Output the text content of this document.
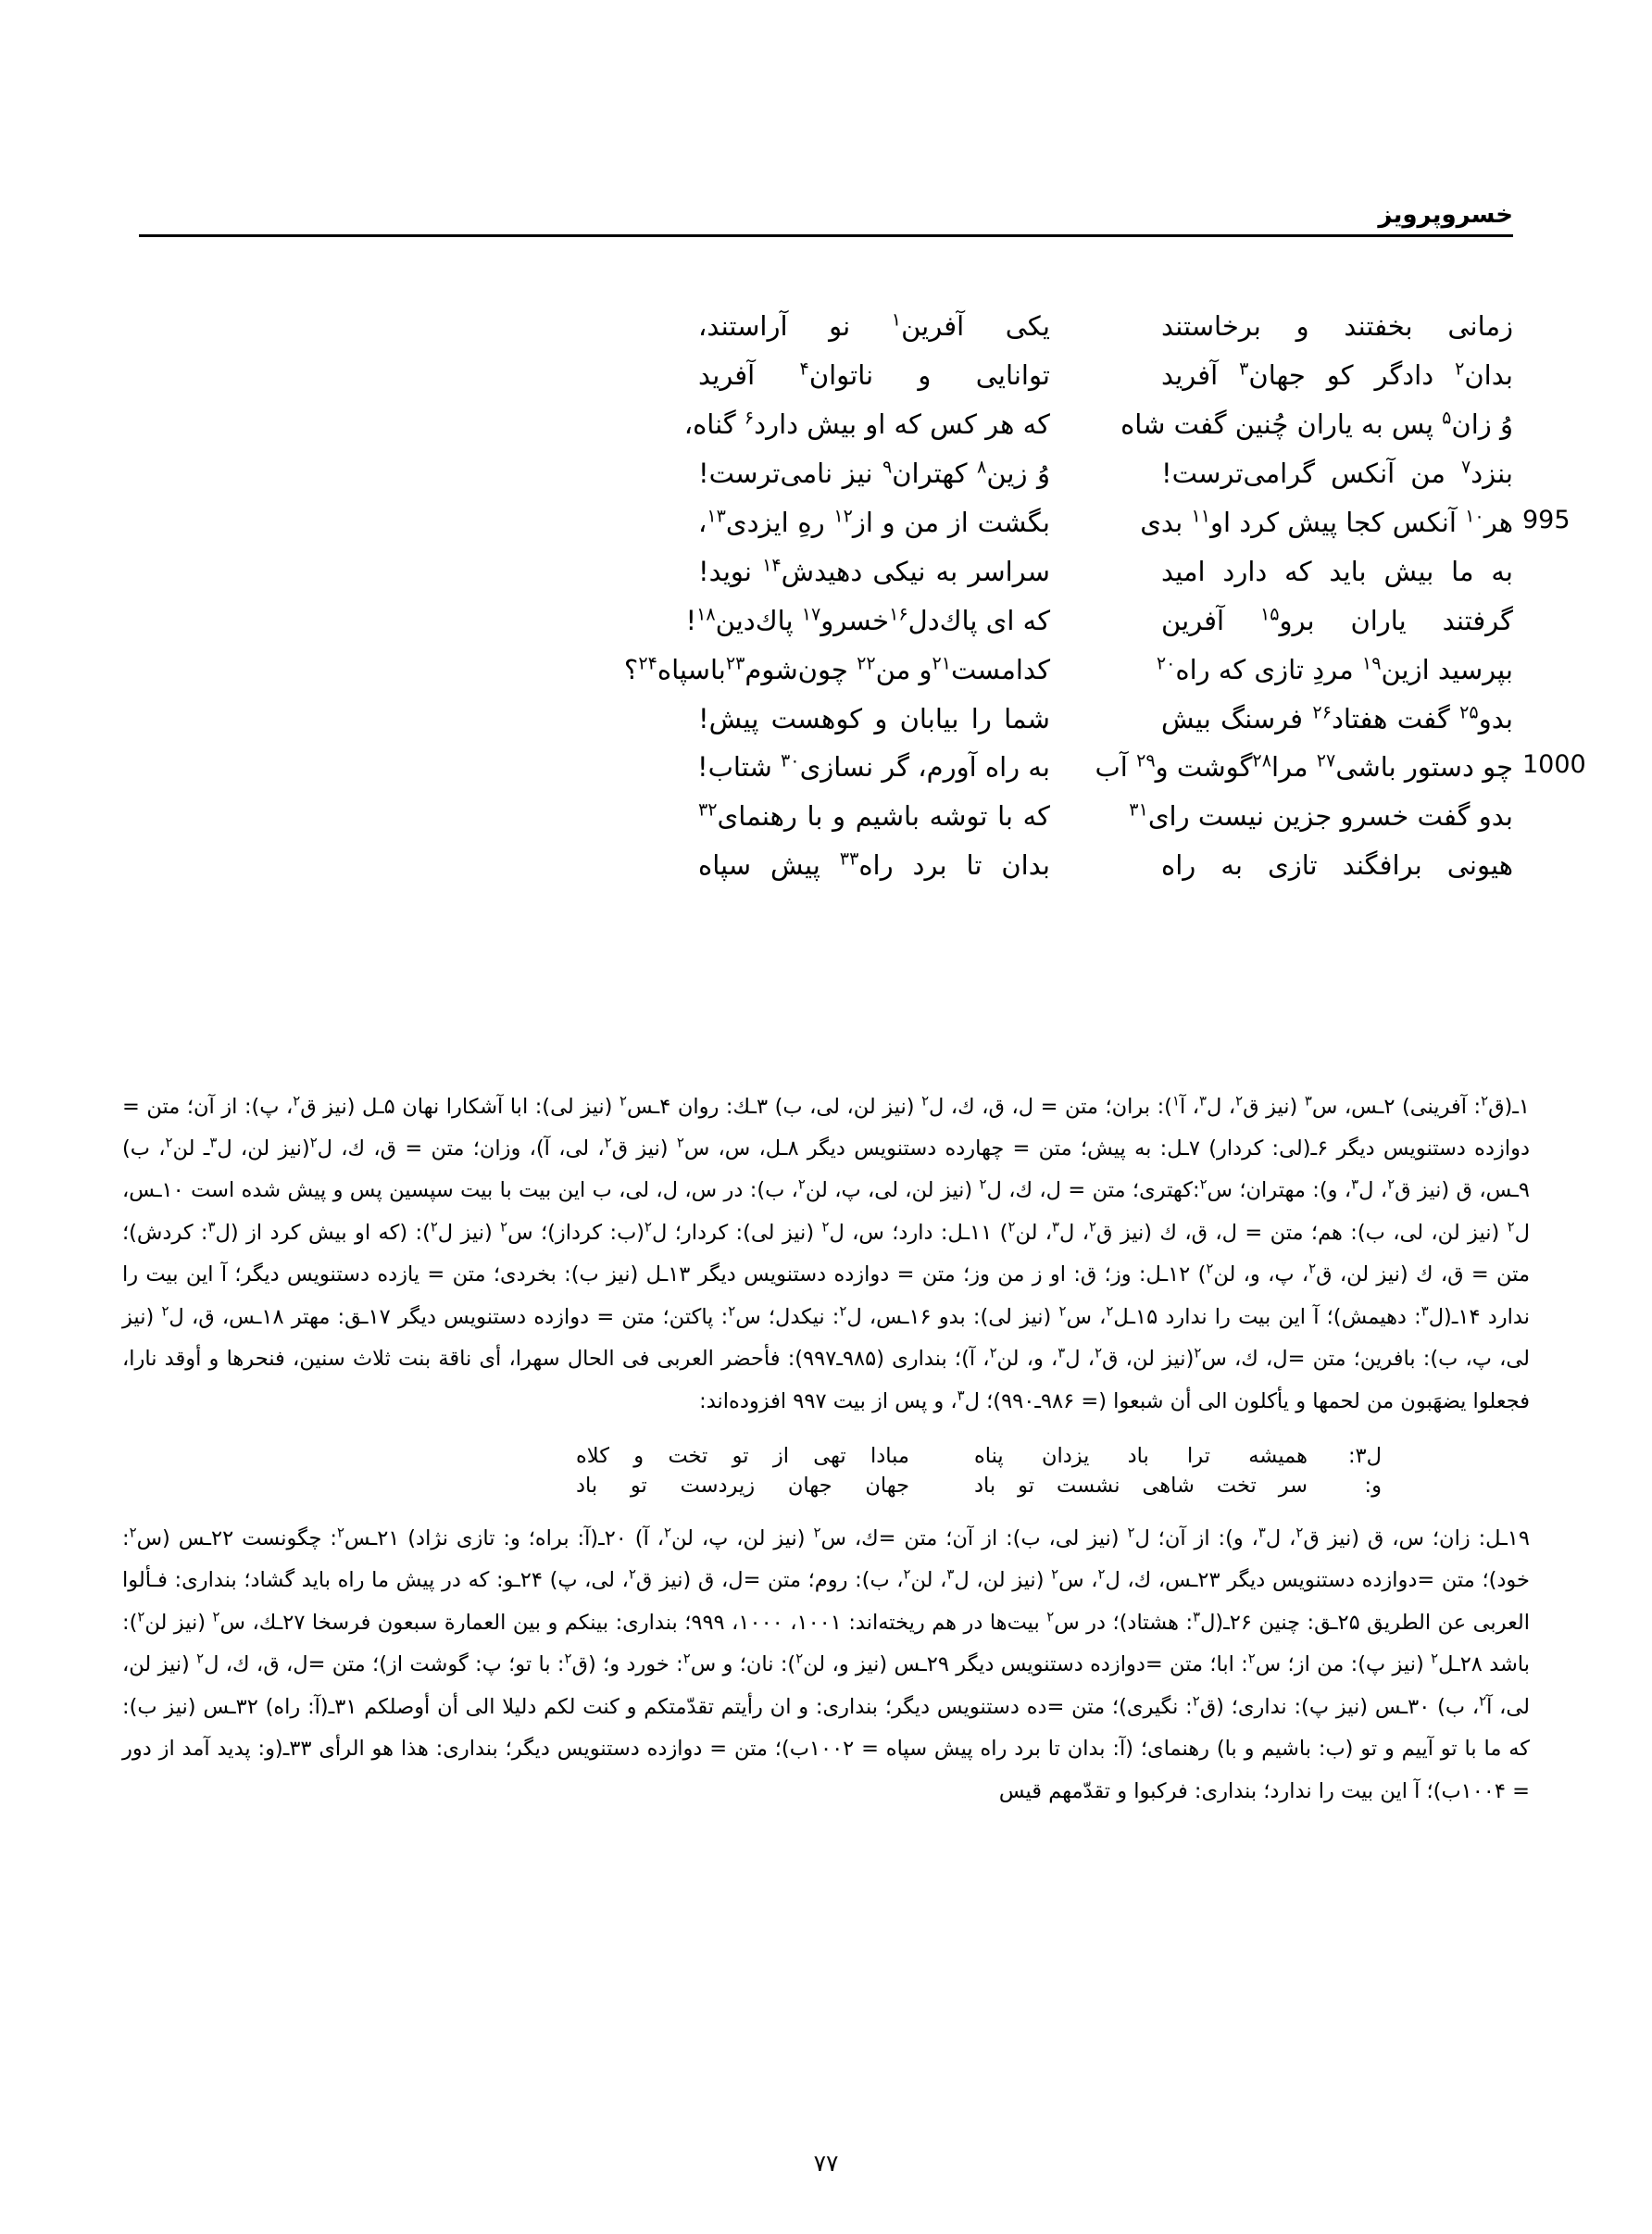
خسروپرويز
زمانى بخفتند و برخاستند
يكى آفرين$^۱$ نو آراستند،
بدان$^۲$ دادگر كو جهان$^۳$ آفريد
توانايى و ناتوان$^۴$ آفريد
وُ زان$^۵$ پس به ياران چُنين گفت شاه
كه هر كس كه او بيش دارد$^۶$ گناه،
بنزد$^۷$ من آنكس گرامى‌ترست!
وُ زين$^۸$ كهتران$^۹$ نيز نامى‌ترست!
995
هر$^{۱۰}$ آنكس كجا پيش كرد او$^{۱۱}$ بدى
بگشت از من و از$^{۱۲}$ رهِ ايزدى$^{۱۳}$،
به ما بيش بايد كه دارد اميد
سراسر به نيكى دهيدش$^{۱۴}$ نويد!
گرفتند ياران برو$^{۱۵}$ آفرين
كه اى پاك‌دل$^{۱۶}$خسرو$^{۱۷}$ پاك‌دين$^{۱۸}$!
بپرسيد ازين$^{۱۹}$ مردِ تازى كه راه$^{۲۰}$
كدامست$^{۲۱}$و من$^{۲۲}$ چون‌شوم$^{۲۳}$باسپاه$^{۲۴}$؟
بدو$^{۲۵}$ گفت هفتاد$^{۲۶}$ فرسنگ بيش
شما را بيابان و كوهست پيش!
1000
چو دستور باشى$^{۲۷}$ مرا$^{۲۸}$گوشت و$^{۲۹}$ آب
به راه آورم، گر نسازى$^{۳۰}$ شتاب!
بدو گفت خسرو جزين نيست راى$^{۳۱}$
كه با توشه باشيم و با رهنماى$^{۳۲}$
هيونى برافگند تازى به راه
بدان تا برد راه$^{۳۳}$ پيش سپاه

۱ـ(ق$^۲$: آفرينى) ۲ـس، س$^۳$ (نيز ق$^۲$، ل$^۳$، آ$^۱$): بران؛ متن = ل، ق، ك، ل$^۲$ (نيز لن، لى، ب) ۳ـك: روان ۴ـس$^۲$ (نيز لى): ابا آشكارا نهان ۵ـل (نيز ق$^۲$، پ): از آن؛ متن = دوازده دستنويس ديگر ۶ـ(لى: كردار) ۷ـل: به پيش؛ متن = چهارده دستنويس ديگر ۸ـل، س، س$^۲$ (نيز ق$^۲$، لى، آ)، وزان؛ متن = ق، ك، ل$^۲$(نيز لن، ل$^۳$ـ لن$^۲$، ب) ۹ـس، ق (نيز ق$^۲$، ل$^۳$، و): مهتران؛ س$^۲$:كهترى؛ متن = ل، ك، ل$^۲$ (نيز لن، لى، پ، لن$^۲$، ب): در س، ل، لى، ب اين بيت با بيت سپسين پس و پيش شده است ۱۰ـس، ل$^۲$ (نيز لن، لى، ب): هم؛ متن = ل، ق، ك (نيز ق$^۲$، ل$^۳$، لن$^۲$) ۱۱ـل: دارد؛ س، ل$^۲$ (نيز لى): كردار؛ ل$^۲$(ب: كرداز)؛ س$^۲$ (نيز ل$^۲$): (كه او بيش كرد از (ل$^۳$: كردش)؛ متن = ق، ك (نيز لن، ق$^۲$، پ، و، لن$^۲$) ۱۲ـل: وز؛ ق: او ز من وز؛ متن = دوازده دستنويس ديگر ۱۳ـل (نيز ب): بخردى؛ متن = يازده دستنويس ديگر؛ آ اين بيت را ندارد ۱۴ـ(ل$^۳$: دهيمش)؛ آ اين بيت را ندارد ۱۵ـل$^۲$، س$^۲$ (نيز لى): بدو ۱۶ـس، ل$^۲$: نيكدل؛ س$^۲$: پاكتن؛ متن = دوازده دستنويس ديگر ۱۷ـق: مهتر ۱۸ـس، ق، ل$^۲$ (نيز لى، پ، ب): بافرين؛ متن =ل، ك، س$^۲$(نيز لن، ق$^۲$، ل$^۳$، و، لن$^۲$، آ)؛ بندارى (۹۸۵ـ۹۹۷): فأحضر العربى فى الحال سهرا، أى ناقة بنت ثلاث سنين، فنحرها و أوقد نارا، فجعلوا يضهَبون من لحمها و يأكلون الى أن شبعوا (= ۹۸۶ـ۹۹۰)؛ ل$^۳$، و پس از بيت ۹۹۷ افزوده‌اند:

ل۳:
همیشه ترا باد یزدان پناه
مبادا تهى از تو تخت و کلاه
و:
سر تخت شاهى نشست تو باد
جهان جهان زيردست تو باد

۱۹ـل: زان؛ س، ق (نيز ق$^۲$، ل$^۳$، و): از آن؛ ل$^۲$ (نيز لى، ب): از آن؛ متن =ك، س$^۲$ (نيز لن، پ، لن$^۲$، آ) ۲۰ـ(آ: براه؛ و: تازى نژاد) ۲۱ـس$^۲$: چگونست ۲۲ـس (س$^۲$: خود)؛ متن =دوازده دستنويس ديگر ۲۳ـس، ك، ل$^۲$، س$^۲$ (نيز لن، ل$^۳$، لن$^۲$، ب): روم؛ متن =ل، ق (نيز ق$^۲$، لى، پ) ۲۴ـو: كه در پيش ما راه بايد گشاد؛ بندارى: فـألوا العربى عن الطريق ۲۵ـق: چنين ۲۶ـ(ل$^۳$: هشتاد)؛ در س$^۲$ بيت‌ها در هم ريخته‌اند: ۱۰۰۱، ۱۰۰۰، ۹۹۹؛ بندارى: بينكم و بين العمارة سبعون فرسخا ۲۷ـك، س$^۲$ (نيز لن$^۲$): باشد ۲۸ـل$^۲$ (نيز پ): من از؛ س$^۲$: ابا؛ متن =دوازده دستنويس ديگر ۲۹ـس (نيز و، لن$^۲$): نان؛ و س$^۲$: خورد و؛ (ق$^۲$: با تو؛ پ: گوشت از)؛ متن =ل، ق، ك، ل$^۲$ (نيز لن، لى، آ$^۲$، ب) ۳۰ـس (نيز پ): ندارى؛ (ق$^۲$: نگيرى)؛ متن =ده دستنويس ديگر؛ بندارى: و ان رأيتم تقدّمتكم و كنت لكم دليلا الى أن أوصلكم ۳۱ـ(آ: راه) ۳۲ـس (نيز ب): كه ما با تو آييم و تو (ب: باشيم و با) رهنماى؛ (آ: بدان تا برد راه پيش سپاه = ۱۰۰۲ب)؛ متن = دوازده دستنويس ديگر؛ بندارى: هذا هو الرأى ۳۳ـ(و: پديد آمد از دور = ۱۰۰۴ب)؛ آ اين بيت را ندارد؛ بندارى: فركبوا و تقدّمهم قيس

۷۷
